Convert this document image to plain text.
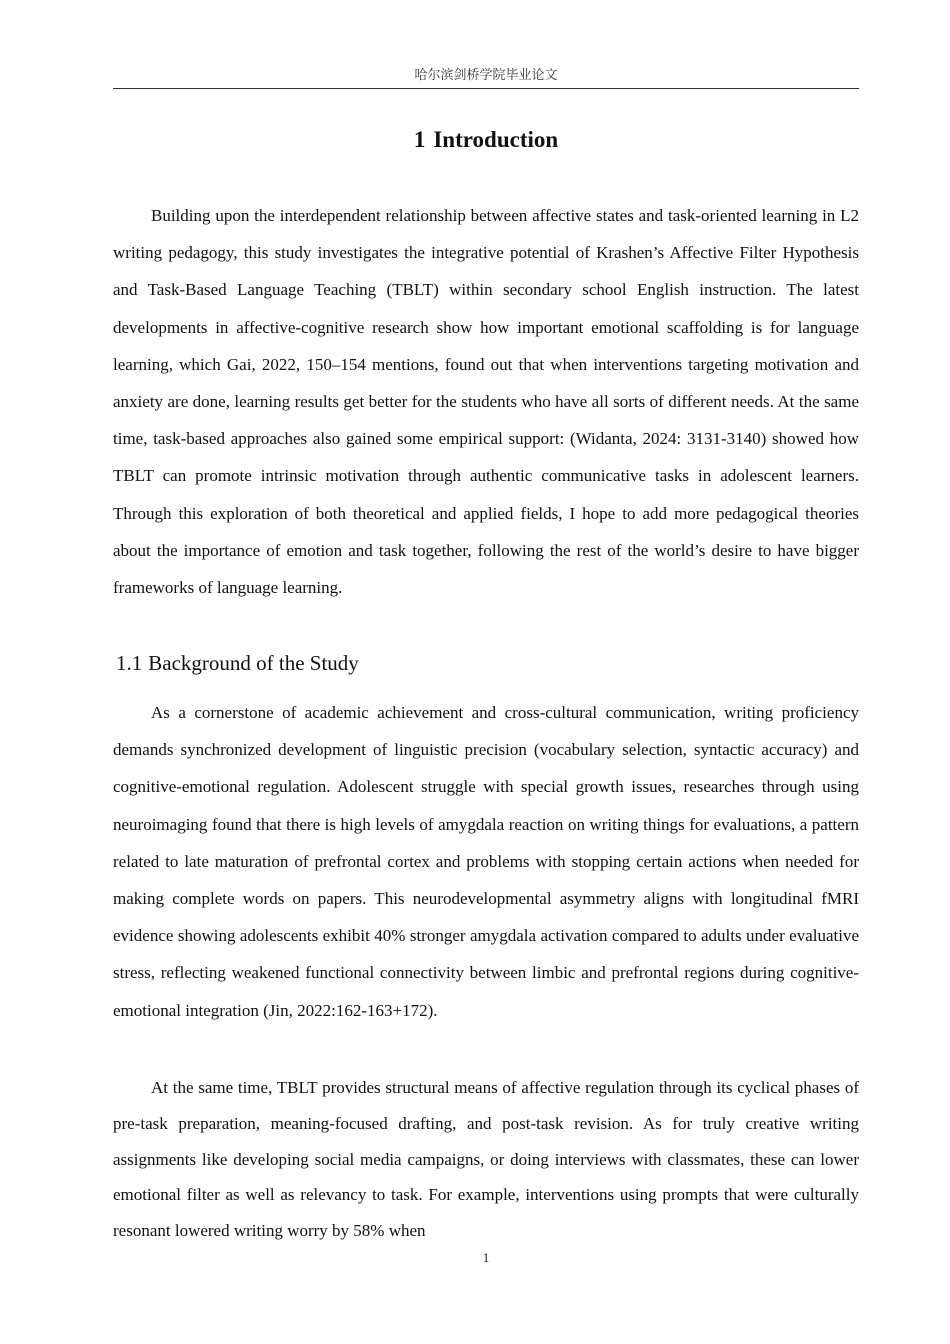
哈尔滨剑桥学院毕业论文
1 Introduction

Building upon the interdependent relationship between affective states and task-oriented learning in L2 writing pedagogy, this study investigates the integrative potential of Krashen’s Affective Filter Hypothesis and Task-Based Language Teaching (TBLT) within secondary school English instruction. The latest developments in affective-cognitive research show how important emotional scaffolding is for language learning, which Gai, 2022, 150–154 mentions, found out that when interventions targeting motivation and anxiety are done, learning results get better for the students who have all sorts of different needs. At the same time, task-based approaches also gained some empirical support: (Widanta, 2024: 3131-3140) showed how TBLT can promote intrinsic motivation through authentic communicative tasks in adolescent learners. Through this exploration of both theoretical and applied fields, I hope to add more pedagogical theories about the importance of emotion and task together, following the rest of the world’s desire to have bigger frameworks of language learning.

1.1 Background of the Study

As a cornerstone of academic achievement and cross-cultural communication, writing proficiency demands synchronized development of linguistic precision (vocabulary selection, syntactic accuracy) and cognitive-emotional regulation. Adolescent struggle with special growth issues, researches through using neuroimaging found that there is high levels of amygdala reaction on writing things for evaluations, a pattern related to late maturation of prefrontal cortex and problems with stopping certain actions when needed for making complete words on papers. This neurodevelopmental asymmetry aligns with longitudinal fMRI evidence showing adolescents exhibit 40% stronger amygdala activation compared to adults under evaluative stress, reflecting weakened functional connectivity between limbic and prefrontal regions during cognitive-emotional integration (Jin, 2022:162-163+172).

At the same time, TBLT provides structural means of affective regulation through its cyclical phases of pre-task preparation, meaning-focused drafting, and post-task revision. As for truly creative writing assignments like developing social media campaigns, or doing interviews with classmates, these can lower emotional filter as well as relevancy to task. For example, interventions using prompts that were culturally resonant lowered writing worry by 58% when

1
